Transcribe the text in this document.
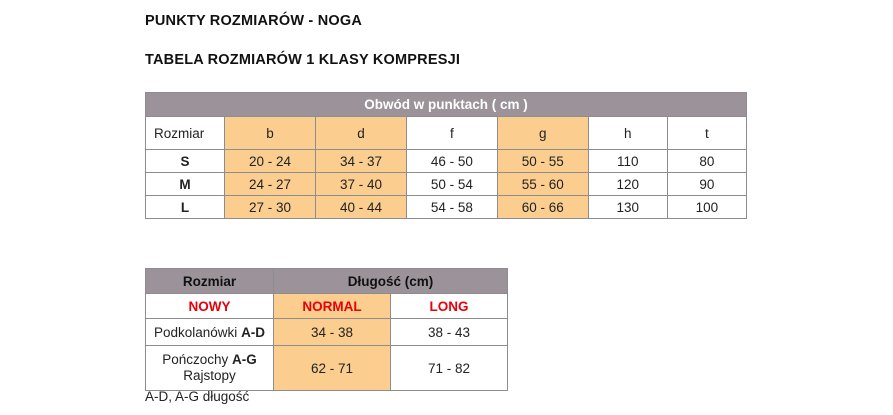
PUNKTY ROZMIARÓW - NOGA
TABELA ROZMIARÓW 1 KLASY KOMPRESJI
Obwód w punktach ( cm )						
Rozmiar	b	d	f	g	h	t
S	20 - 24	34 - 37	46 - 50	50 - 55	110	80
M	24 - 27	37 - 40	50 - 54	55 - 60	120	90
L	27 - 30	40 - 44	54 - 58	60 - 66	130	100
Rozmiar	Długość (cm)	
NOWY	NORMAL	LONG
Podkolanówki A-D	34 - 38	38 - 43

Pończochy A-G
Rajstopy	62 - 71	71 - 82
A-D, A-G długość
